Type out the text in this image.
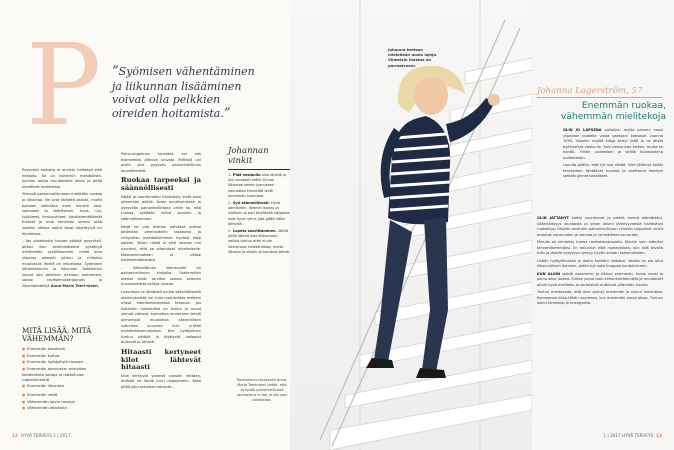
P ”Syömisen vähentäminen ja liikunnan lisääminen voivat olla pelkkien oireiden hoitamista.”

Pysyvästi hoikaksi ei onnistu helkessä eikä helpolla. Se on kuitenkin mahdollista, kunhan antaa muutokselle aikaa ja pitää tavoitteet realistisina.

Yleensä painonhallinnassa mietitään ruokaa ja liikuntaa. Ne ovat tärkeitä asioita, mutta painoon vaikuttaa moni muukin asia: sairaudet ja lääkitykset, kivut, uni, työkiireet, ihmissuhteet, käsittelemättömät tunteet ja mua henkinen stressi sekä vaaiten aikana opitut tavat käyttäytyä eri tilanteissa.

– Jos ylipainosta haluaa päästä pysyvästi, pitäisi ihan ensimmäiseksi pysähtyä miettimään syvällisemmin, mistä oma ylipaino oikeasti johtuu ja millaisin muutoksiin itsellä on resursseja. Syömisen vähentäminen ja liikunnan lisääminen voivat olla pelkkien oireiden hoitamista, sanoo ravitsemusterapeutti ja liikuntatieteilijä Anna-Maria Teeri-niemi.

MITÄ LISÄÄ, MITÄ VÄHEMMÄN?
● Enemmän kasviksia
● Enemmän kuitua
● Enemmän hyödyllisiä rasvoja
● Enemmän ateriointa: mieluiten kahdestista sahoja ja määrä-vaa ruokailuhetkiä
● Enemmän liikuntaa
● Enemmän vettä
● Vähemmän kovia rasvoja
● Vähemmän alkoholia

Paino-ongelman taustalla voi olla esimerkiksi jatkuva univaje. Riittävä uni onkin yksi pysyvän painonhallinnan apuvälineistä.

Ruokaa tarpeeksi ja säännöllisesti

Nälkä ja naurtinneton kärsivästy eivät auta pitemmän päälle. Avain onnistumiseen ja pysyvään painonhallintaan onkin se, että ruokaa syödään reiluä saannin ja säännöllisemmin.

Neljä tai viisi ateriaa päivässä auttaa pitämään verensokerin tasaisena ja vireystilan mahdollisimman hyvänä koko päivän. Silloin nälkä ei ehdi kasvaa niin suureksi, että se aiheuttaisi ahmimiselle. Makeanhimokaan ei pääse hallitsemattomaksi.

– Säännöllinen ateriarytmi on painonhallinnan kivijalka. Useimmiten ateriat eivät tarvitse laskea kalorien huomaamatta syötyä ruokaa.

Luovutaan ja lähteistä avulla säännöllisestä ateriarytmistä voi tulla mahdollista melkein missä elämäntilanteessa tahansa. Jos kuitenkin tukeverkko on tiukka ja uuvat voimat vähissä, kannattaa ennemmin tehdä pienempiä muutoksia säännöllisen syömisen suunnan kuin yrittää mahdollistomuutoksia. Kun hyödyllinen tuntuu pärällä ja täyttyvät valipalat auttavat jo rahasti.

Hitaasti kertyneet kilot lähtevät hitaasti

Kilot kertyivät yleensä vuosien mittaan, eivätkä ne lähde juuri nopeammin. Koko pitää joka sekulaan kärsivät…

12 HYVÄ TERVEYS 1 | 2017	1 | 2017 HYVÄ TERVEYS 13
Johanna teetsoo mielellään uusia lajeja. Viimeisin ihastus on porrastreeni.
Johannan vinkit

1. Pidä vesipullo aina lähellä ja juo runsaasti vettä. Ennen liikuntaa veden juomiseen kannattaa kiinnittää vielä enemmän huomiota.

2. Syö säännöllisesti. Hyvä aamiainen, lämmin lounas ja illallinen ja pari täyttävää välipalaa ovat hyvä rytmi, jota pitää näkin järkeillä.

3. Lopeta suorittaminen. Välillä pitää lähteä ulos liikkumaan, veikka tuntuu ettei ei ole liikkumaan hetkeä aikaa, mutta liikunta ja ulkoilu ja hauskaa tehdä.

Ravitsemus-terapeutti Anna-Maria Teeriniemi tietää, että pysyvää painonhallintaa ravitsemus ei jaa, ei ole vain laihduttaa.
Johanna Lagerström, 57
Enemmän ruokaa, vähemmän mielitekoja

OLIN JO LAPSENA pullukka, mutta painoni nousi ylipainon puolelle vasta saatuani kaksoset vuonna 1993. Vuosien myötä kiloja kertyi lisää ja ne jäivät pyöriysrtyä vaaka-lle. Sain painonnan kaiken, mutta se häntöi. Yrittin uudestaan ja välillä huolsaneena uudenlaisiin.

Lopulta päätin, että nyt saa riittää. Olen jättänyt kaikki terveyteen tähtäävät kuusiot ja asettanut itselleni selkeät pienet tavoitteet.

OLIN JÄTTÄNYT kaikki suurimmat ja pienet herkut elämästäni. Säännöllisyys lounaasta ja oman aikani järkevyydestä hallitsevat ruokailuja. Ohjattu avointen painonhallinnan ryhmän tarjoamat vinkit antoivat varmuuden ja voimaa ja ryhmäläiset suuruutta.

Minulle oli nimitetty tuleva ravitsemustavoite. Muutin vain elämäni terveellisemmäksi. En halunnut elää ruokavaliota, kun sillä tavalla tulin ja jäljelle pysyvyys syntyy hyvän omaan kokemukseen.

Lisään hyötyliikuntaa ja doitin kenkäni nelkaksi. Vaikka en ole ollut liikunnallinen ihminen, pidän nyt koko kroppaa kuntoiluineen.

KUN ALOIN syödä useammin ja liikkua enemmän, kunto nousi ja paino alkoi laskea. Eniten paino laski kehonheittelimällä ja muutokset olivat hyvä mieliteko ja vertaistuki auttoivat pitämään huolen.

Tuntuu mahtavalta, että olen syönyt enemmän ja voinut laihduttaa. Kymmenen kiloa tähän vuodessa, kun enemmän omaa aikaa. Tunnen itseni terveeksi ja energiseksi.
